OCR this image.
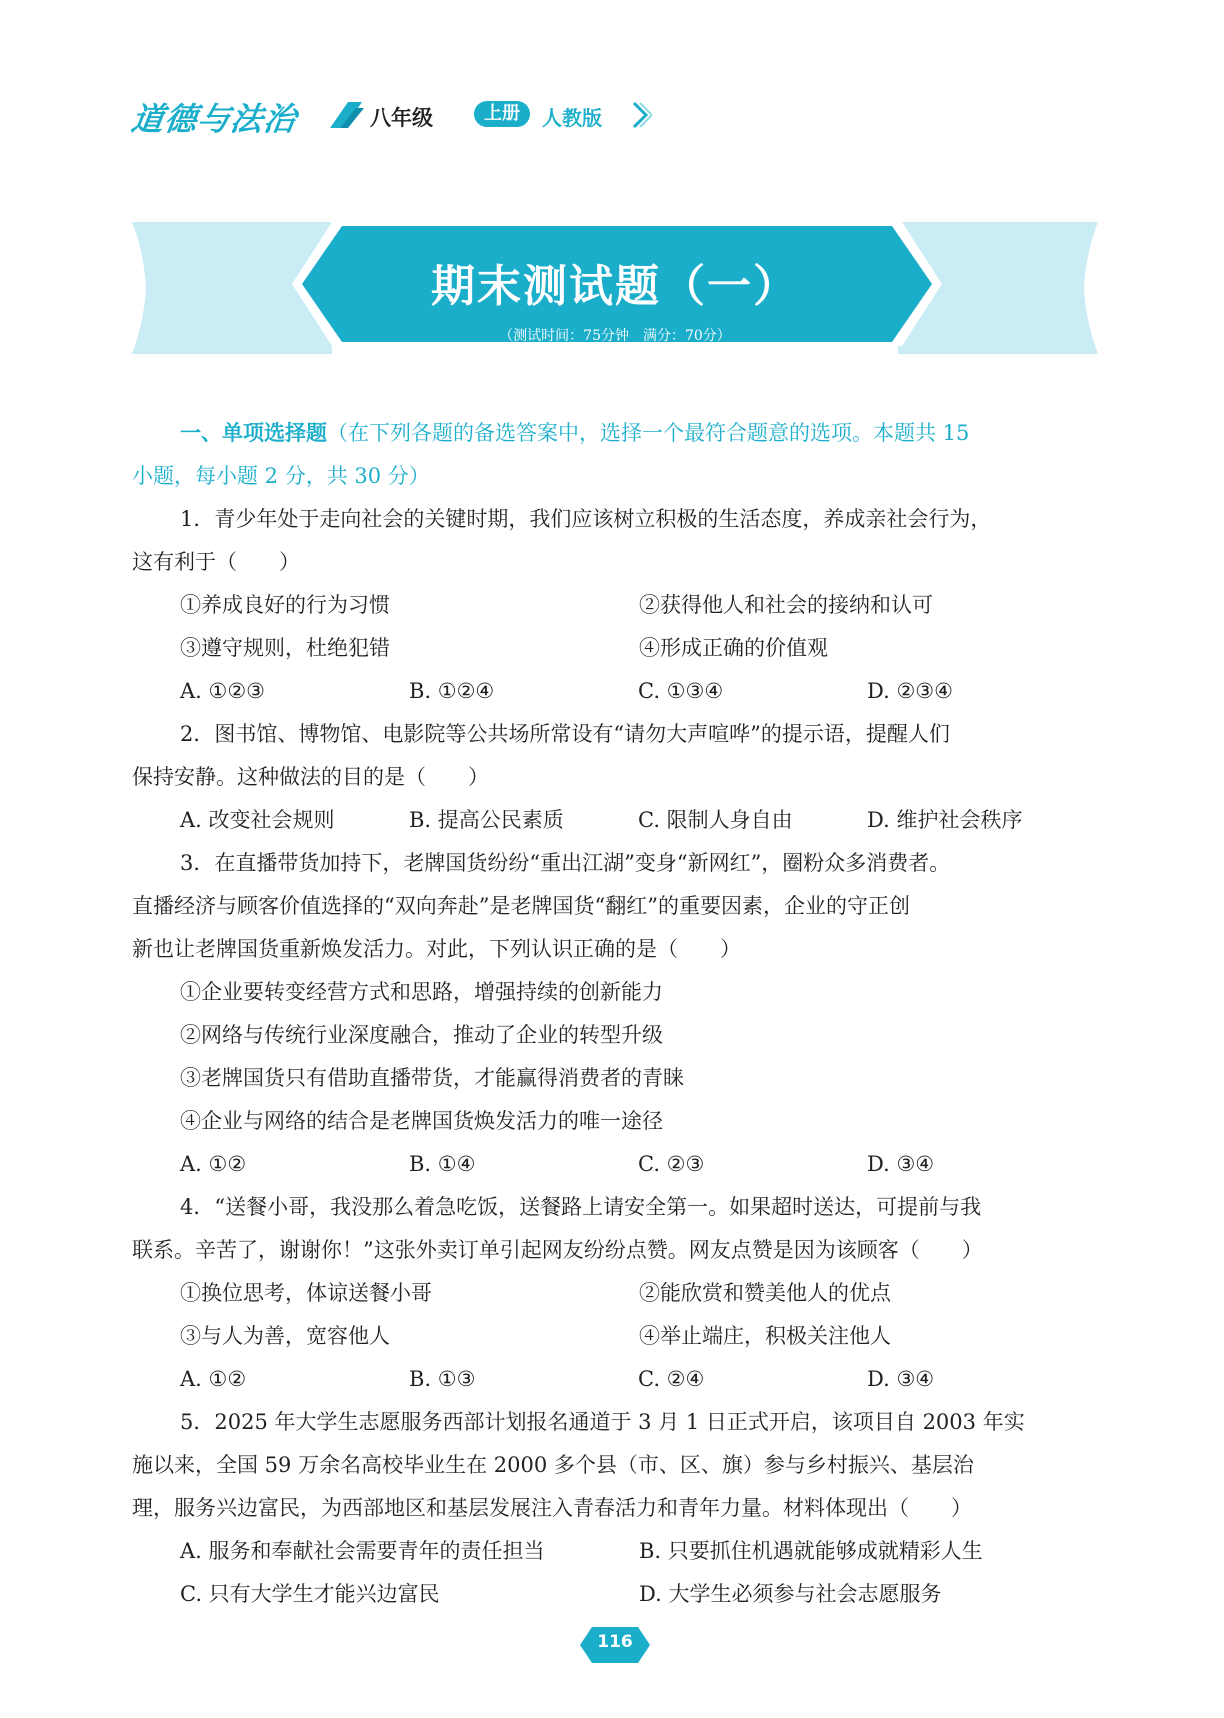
道德与法治	八年级	上册	人教版
期末测试题（一）
（测试时间：75分钟　满分：70分）
一、单项选择题（在下列各题的备选答案中，选择一个最符合题意的选项。本题共 15
小题，每小题 2 分，共 30 分）
1．青少年处于走向社会的关键时期，我们应该树立积极的生活态度，养成亲社会行为，
这有利于（　　）
①养成良好的行为习惯	②获得他人和社会的接纳和认可
③遵守规则，杜绝犯错	④形成正确的价值观
A. ①②③	B. ①②④	C. ①③④	D. ②③④
2．图书馆、博物馆、电影院等公共场所常设有“请勿大声喧哗”的提示语，提醒人们
保持安静。这种做法的目的是（　　）
A. 改变社会规则	B. 提高公民素质	C. 限制人身自由	D. 维护社会秩序
3．在直播带货加持下，老牌国货纷纷“重出江湖”变身“新网红”，圈粉众多消费者。
直播经济与顾客价值选择的“双向奔赴”是老牌国货“翻红”的重要因素，企业的守正创
新也让老牌国货重新焕发活力。对此，下列认识正确的是（　　）
①企业要转变经营方式和思路，增强持续的创新能力
②网络与传统行业深度融合，推动了企业的转型升级
③老牌国货只有借助直播带货，才能赢得消费者的青睐
④企业与网络的结合是老牌国货焕发活力的唯一途径
A. ①②	B. ①④	C. ②③	D. ③④
4．“送餐小哥，我没那么着急吃饭，送餐路上请安全第一。如果超时送达，可提前与我
联系。辛苦了，谢谢你！”这张外卖订单引起网友纷纷点赞。网友点赞是因为该顾客（　　）
①换位思考，体谅送餐小哥	②能欣赏和赞美他人的优点
③与人为善，宽容他人	④举止端庄，积极关注他人
A. ①②	B. ①③	C. ②④	D. ③④
5．2025 年大学生志愿服务西部计划报名通道于 3 月 1 日正式开启，该项目自 2003 年实
施以来，全国 59 万余名高校毕业生在 2000 多个县（市、区、旗）参与乡村振兴、基层治
理，服务兴边富民，为西部地区和基层发展注入青春活力和青年力量。材料体现出（　　）
A. 服务和奉献社会需要青年的责任担当	B. 只要抓住机遇就能够成就精彩人生
C. 只有大学生才能兴边富民	D. 大学生必须参与社会志愿服务
116
